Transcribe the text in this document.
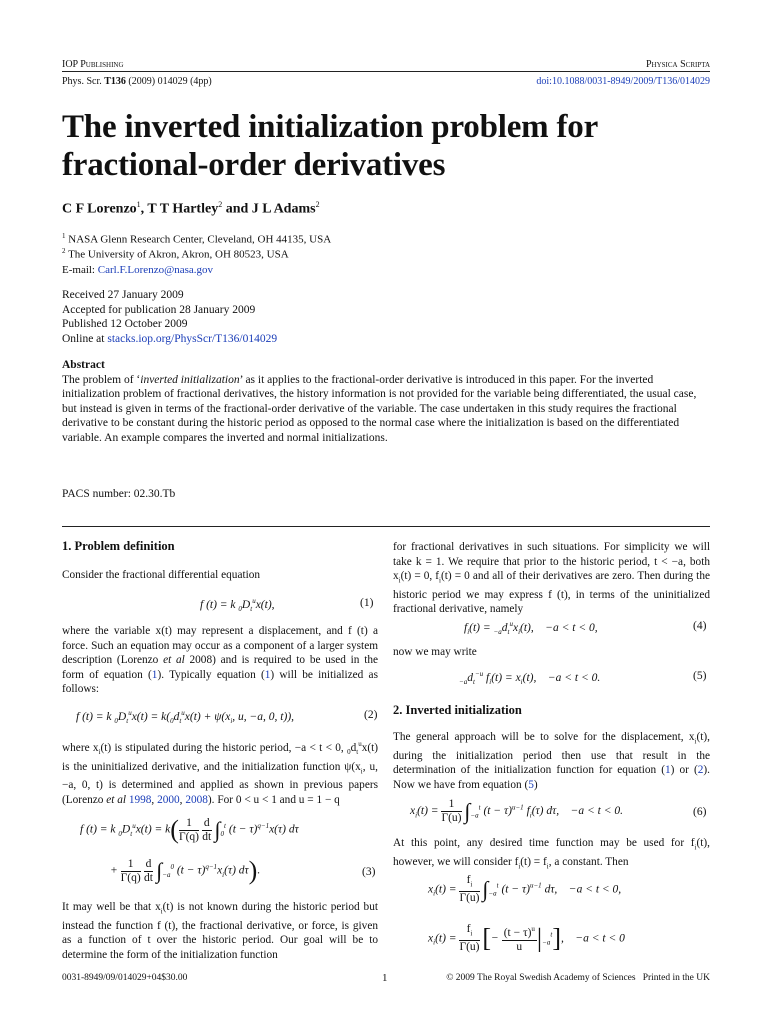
IOP Publishing	Physica Scripta
Phys. Scr. T136 (2009) 014029 (4pp)	doi:10.1088/0031-8949/2009/T136/014029
The inverted initialization problem for fractional-order derivatives
C F Lorenzo$^1$, T T Hartley$^2$ and J L Adams$^2$
$^1$ NASA Glenn Research Center, Cleveland, OH 44135, USA
$^2$ The University of Akron, Akron, OH 80523, USA
E-mail: Carl.F.Lorenzo@nasa.gov
Received 27 January 2009
Accepted for publication 28 January 2009
Published 12 October 2009
Online at stacks.iop.org/PhysScr/T136/014029
Abstract
The problem of ‘inverted initialization’ as it applies to the fractional-order derivative is introduced in this paper. For the inverted initialization problem of fractional derivatives, the history information is not provided for the variable being differentiated, the usual case, but instead is given in terms of the fractional-order derivative of the variable. The case undertaken in this study requires the fractional derivative to be constant during the historic period as opposed to the normal case where the initialization is based on the differentiated variable. An example compares the inverted and normal initializations.
PACS number: 02.30.Tb
1. Problem definition
Consider the fractional differential equation
f (t) = k $_0D_t^ux(t)$,	(1)
where the variable x(t) may represent a displacement, and f (t) a force. Such an equation may occur as a component of a larger system description (Lorenzo et al 2008) and is required to be used in the form of equation (1). Typically equation (1) will be initialized as follows:
f (t) = k $_0D_t^ux(t) = k(_0d_t^ux(t) + \psi(x_i$, u, −a, 0, t)),	(2)
where $x_i(t)$ is stipulated during the historic period, −a < t < 0, $_0d_t^ux(t)$ is the uninitialized derivative, and the initialization function $\psi(x_i$, u, −a, 0, t) is determined and applied as shown in previous papers (Lorenzo et al 1998, 2000, 2008). For 0 < u < 1 and u = 1 − q
f (t) = k $_0D_t^ux(t) = k( \frac{1}{\Gamma(q)}$
$\frac{d}{dt} \int_0^t$ $(t - \tau)^{q-1}x(\tau)$ dτ
+ $\frac{1}{\Gamma(q)}$
$\frac{d}{dt} \int_{-a}^0$ $(t - \tau)^{q-1}x_i(\tau)$ dτ).	(3)
It may well be that $x_i(t)$ is not known during the historic period but instead the function f (t), the fractional derivative, or force, is given as a function of t over the historic period. Our goal will be to determine the form of the initialization function
for fractional derivatives in such situations. For simplicity we will take k = 1. We require that prior to the historic period, t < −a, both $x_i(t) = 0$, $f_i(t) = 0$ and all of their derivatives are zero. Then during the historic period we may express f (t), in terms of the uninitialized fractional derivative, namely
$f_i(t) = _{-a}d_t^ux_i(t)$,    −a < t < 0,	(4)
now we may write
$_{-a}d_t^{-u}$ $f_i(t) = x_i(t)$,    −a < t < 0.	(5)
2. Inverted initialization
The general approach will be to solve for the displacement, $x_i(t)$, during the initialization period then use that result in the determination of the initialization function for equation (1) or (2). Now we have from equation (5)
$x_i(t) = \frac{1}{\Gamma(u)} \int_{-a}^t$ $(t - \tau)^{u-1}$ $f_i(\tau)$ dτ,    −a < t < 0.	(6)
At this point, any desired time function may be used for $f_i(t)$, however, we will consider $f_i(t) = f_i$, a constant. Then
$x_i(t) = \frac{f_i}{\Gamma(u)} \int_{-a}^t$ $(t - \tau)^{u-1}$ dτ,    −a < t < 0,
$x_i(t) = \frac{f_i}{\Gamma(u)}$ [− $\frac{(t - \tau)^u}{u} |_{-a}^t$],    −a < t < 0
0031-8949/09/014029+04$30.00	1	© 2009 The Royal Swedish Academy of Sciences Printed in the UK
